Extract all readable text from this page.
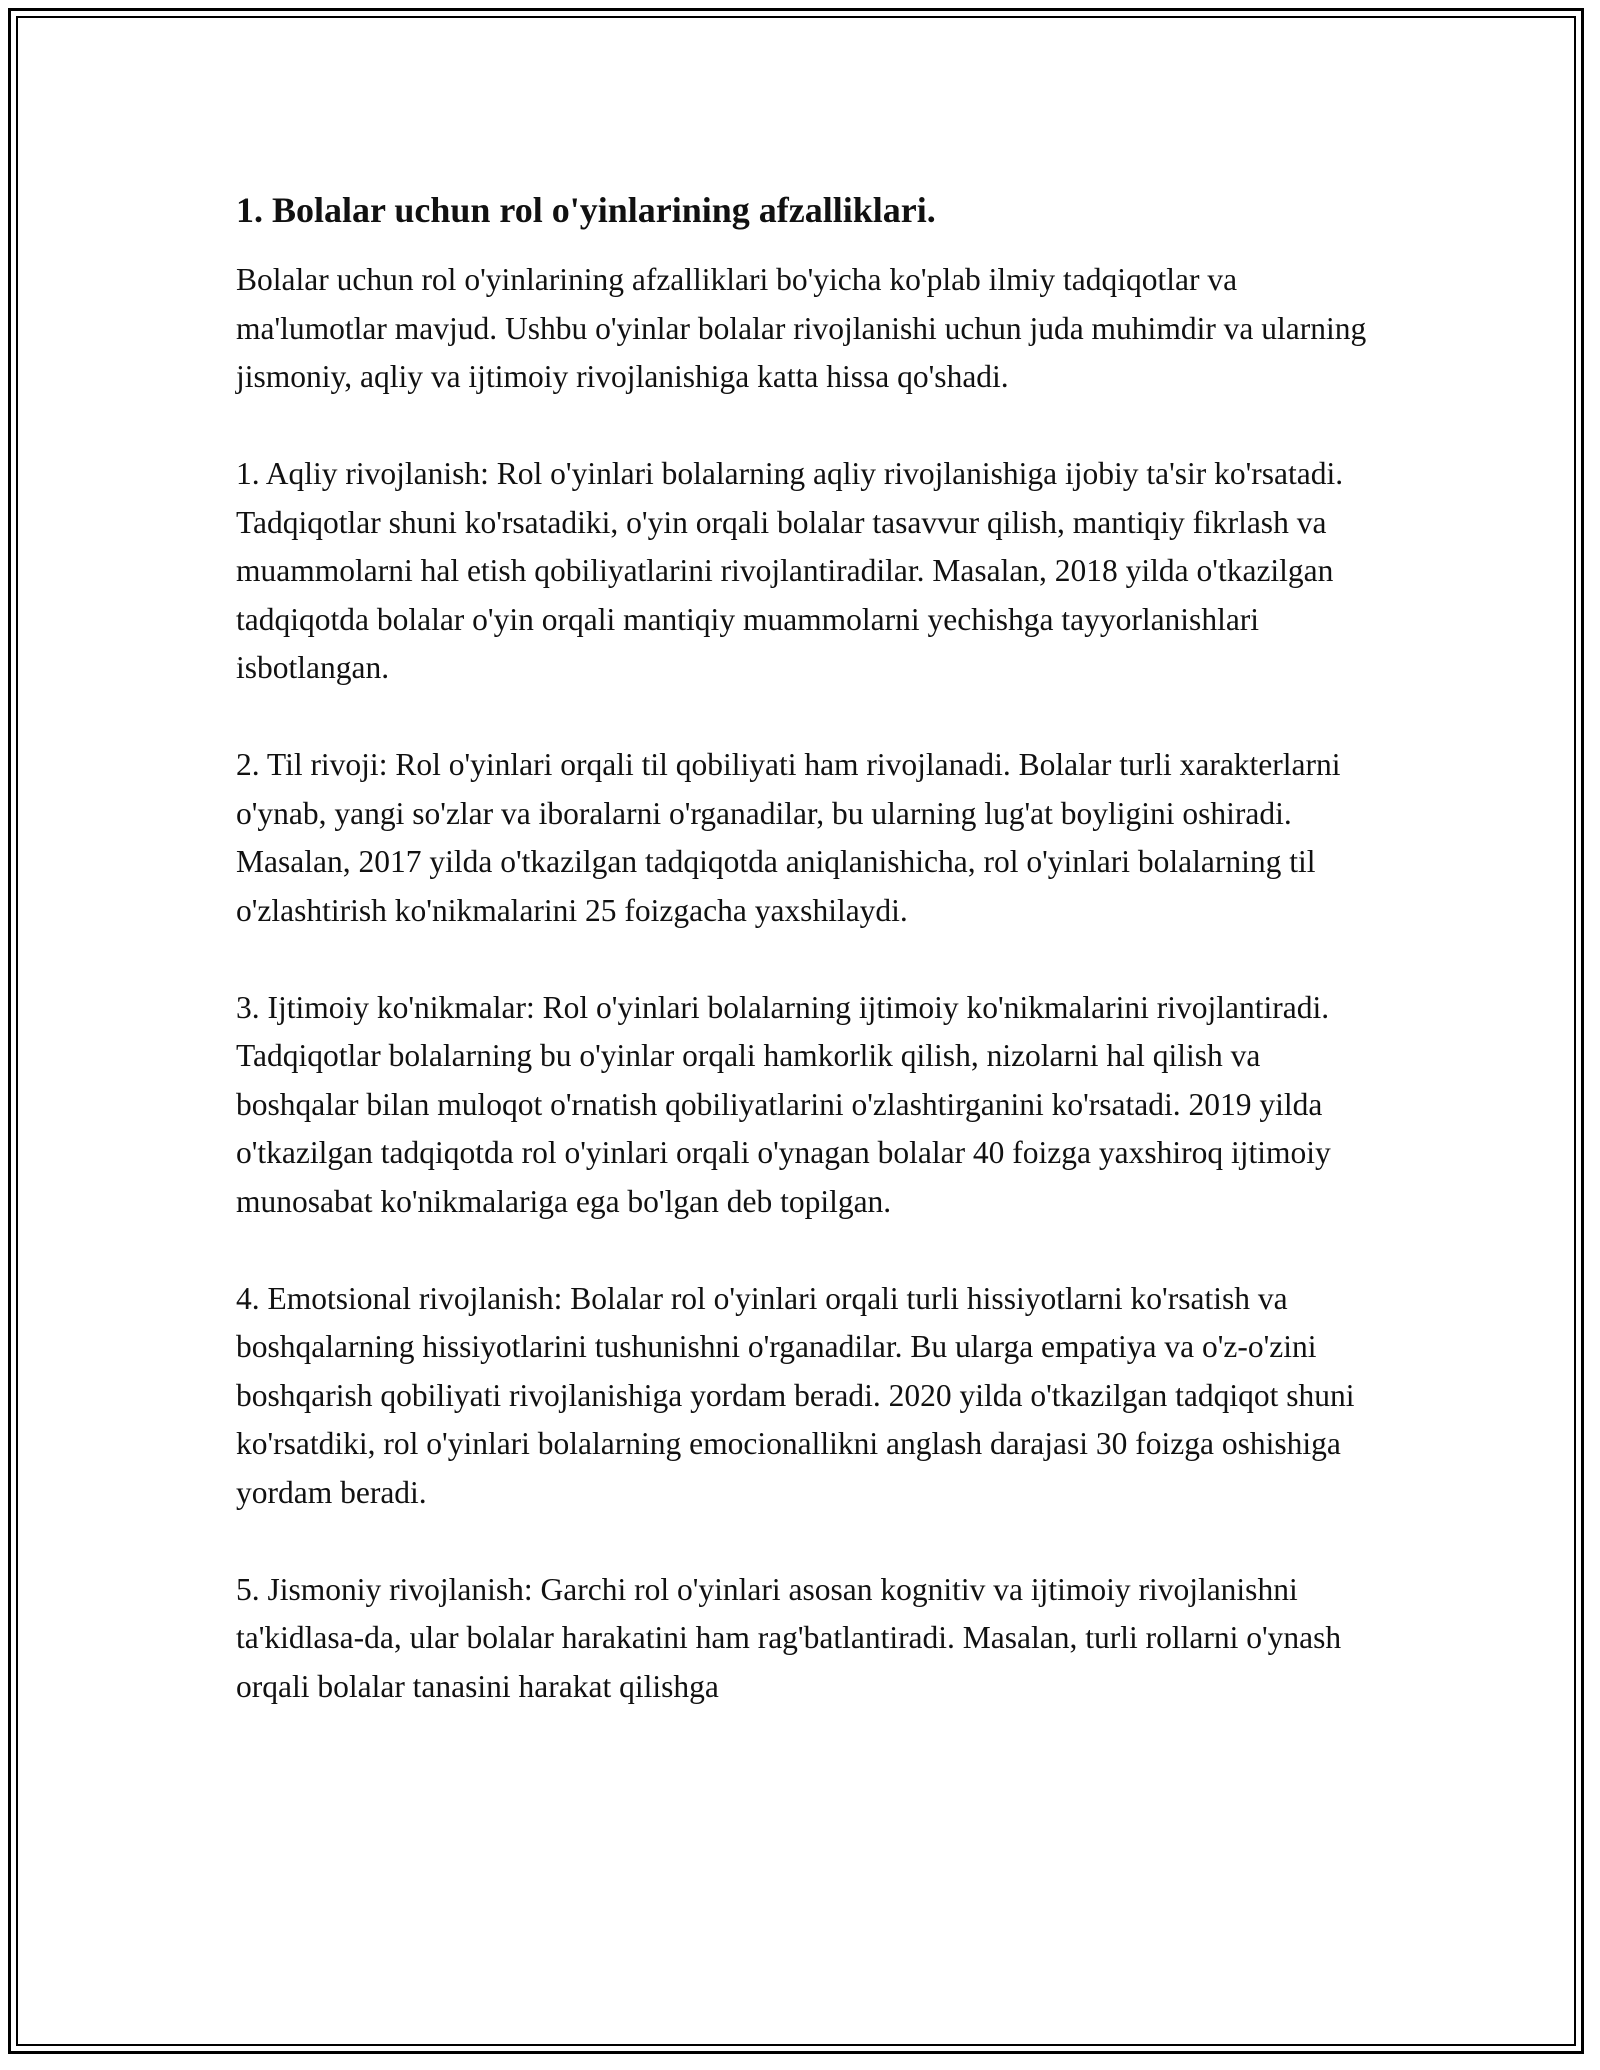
1. Bolalar uchun rol o'yinlarining afzalliklari.

Bolalar uchun rol o'yinlarining afzalliklari bo'yicha ko'plab ilmiy tadqiqotlar va ma'lumotlar mavjud. Ushbu o'yinlar bolalar rivojlanishi uchun juda muhimdir va ularning jismoniy, aqliy va ijtimoiy rivojlanishiga katta hissa qo'shadi.

1. Aqliy rivojlanish: Rol o'yinlari bolalarning aqliy rivojlanishiga ijobiy ta'sir ko'rsatadi. Tadqiqotlar shuni ko'rsatadiki, o'yin orqali bolalar tasavvur qilish, mantiqiy fikrlash va muammolarni hal etish qobiliyatlarini rivojlantiradilar. Masalan, 2018 yilda o'tkazilgan tadqiqotda bolalar o'yin orqali mantiqiy muammolarni yechishga tayyorlanishlari isbotlangan.

2. Til rivoji: Rol o'yinlari orqali til qobiliyati ham rivojlanadi. Bolalar turli xarakterlarni o'ynab, yangi so'zlar va iboralarni o'rganadilar, bu ularning lug'at boyligini oshiradi. Masalan, 2017 yilda o'tkazilgan tadqiqotda aniqlanishicha, rol o'yinlari bolalarning til o'zlashtirish ko'nikmalarini 25 foizgacha yaxshilaydi.

3. Ijtimoiy ko'nikmalar: Rol o'yinlari bolalarning ijtimoiy ko'nikmalarini rivojlantiradi. Tadqiqotlar bolalarning bu o'yinlar orqali hamkorlik qilish, nizolarni hal qilish va boshqalar bilan muloqot o'rnatish qobiliyatlarini o'zlashtirganini ko'rsatadi. 2019 yilda o'tkazilgan tadqiqotda rol o'yinlari orqali o'ynagan bolalar 40 foizga yaxshiroq ijtimoiy munosabat ko'nikmalariga ega bo'lgan deb topilgan.

4. Emotsional rivojlanish: Bolalar rol o'yinlari orqali turli hissiyotlarni ko'rsatish va boshqalarning hissiyotlarini tushunishni o'rganadilar. Bu ularga empatiya va o'z-o'zini boshqarish qobiliyati rivojlanishiga yordam beradi. 2020 yilda o'tkazilgan tadqiqot shuni ko'rsatdiki, rol o'yinlari bolalarning emocionallikni anglash darajasi 30 foizga oshishiga yordam beradi.

5. Jismoniy rivojlanish: Garchi rol o'yinlari asosan kognitiv va ijtimoiy rivojlanishni ta'kidlasa-da, ular bolalar harakatini ham rag'batlantiradi. Masalan, turli rollarni o'ynash orqali bolalar tanasini harakat qilishga
